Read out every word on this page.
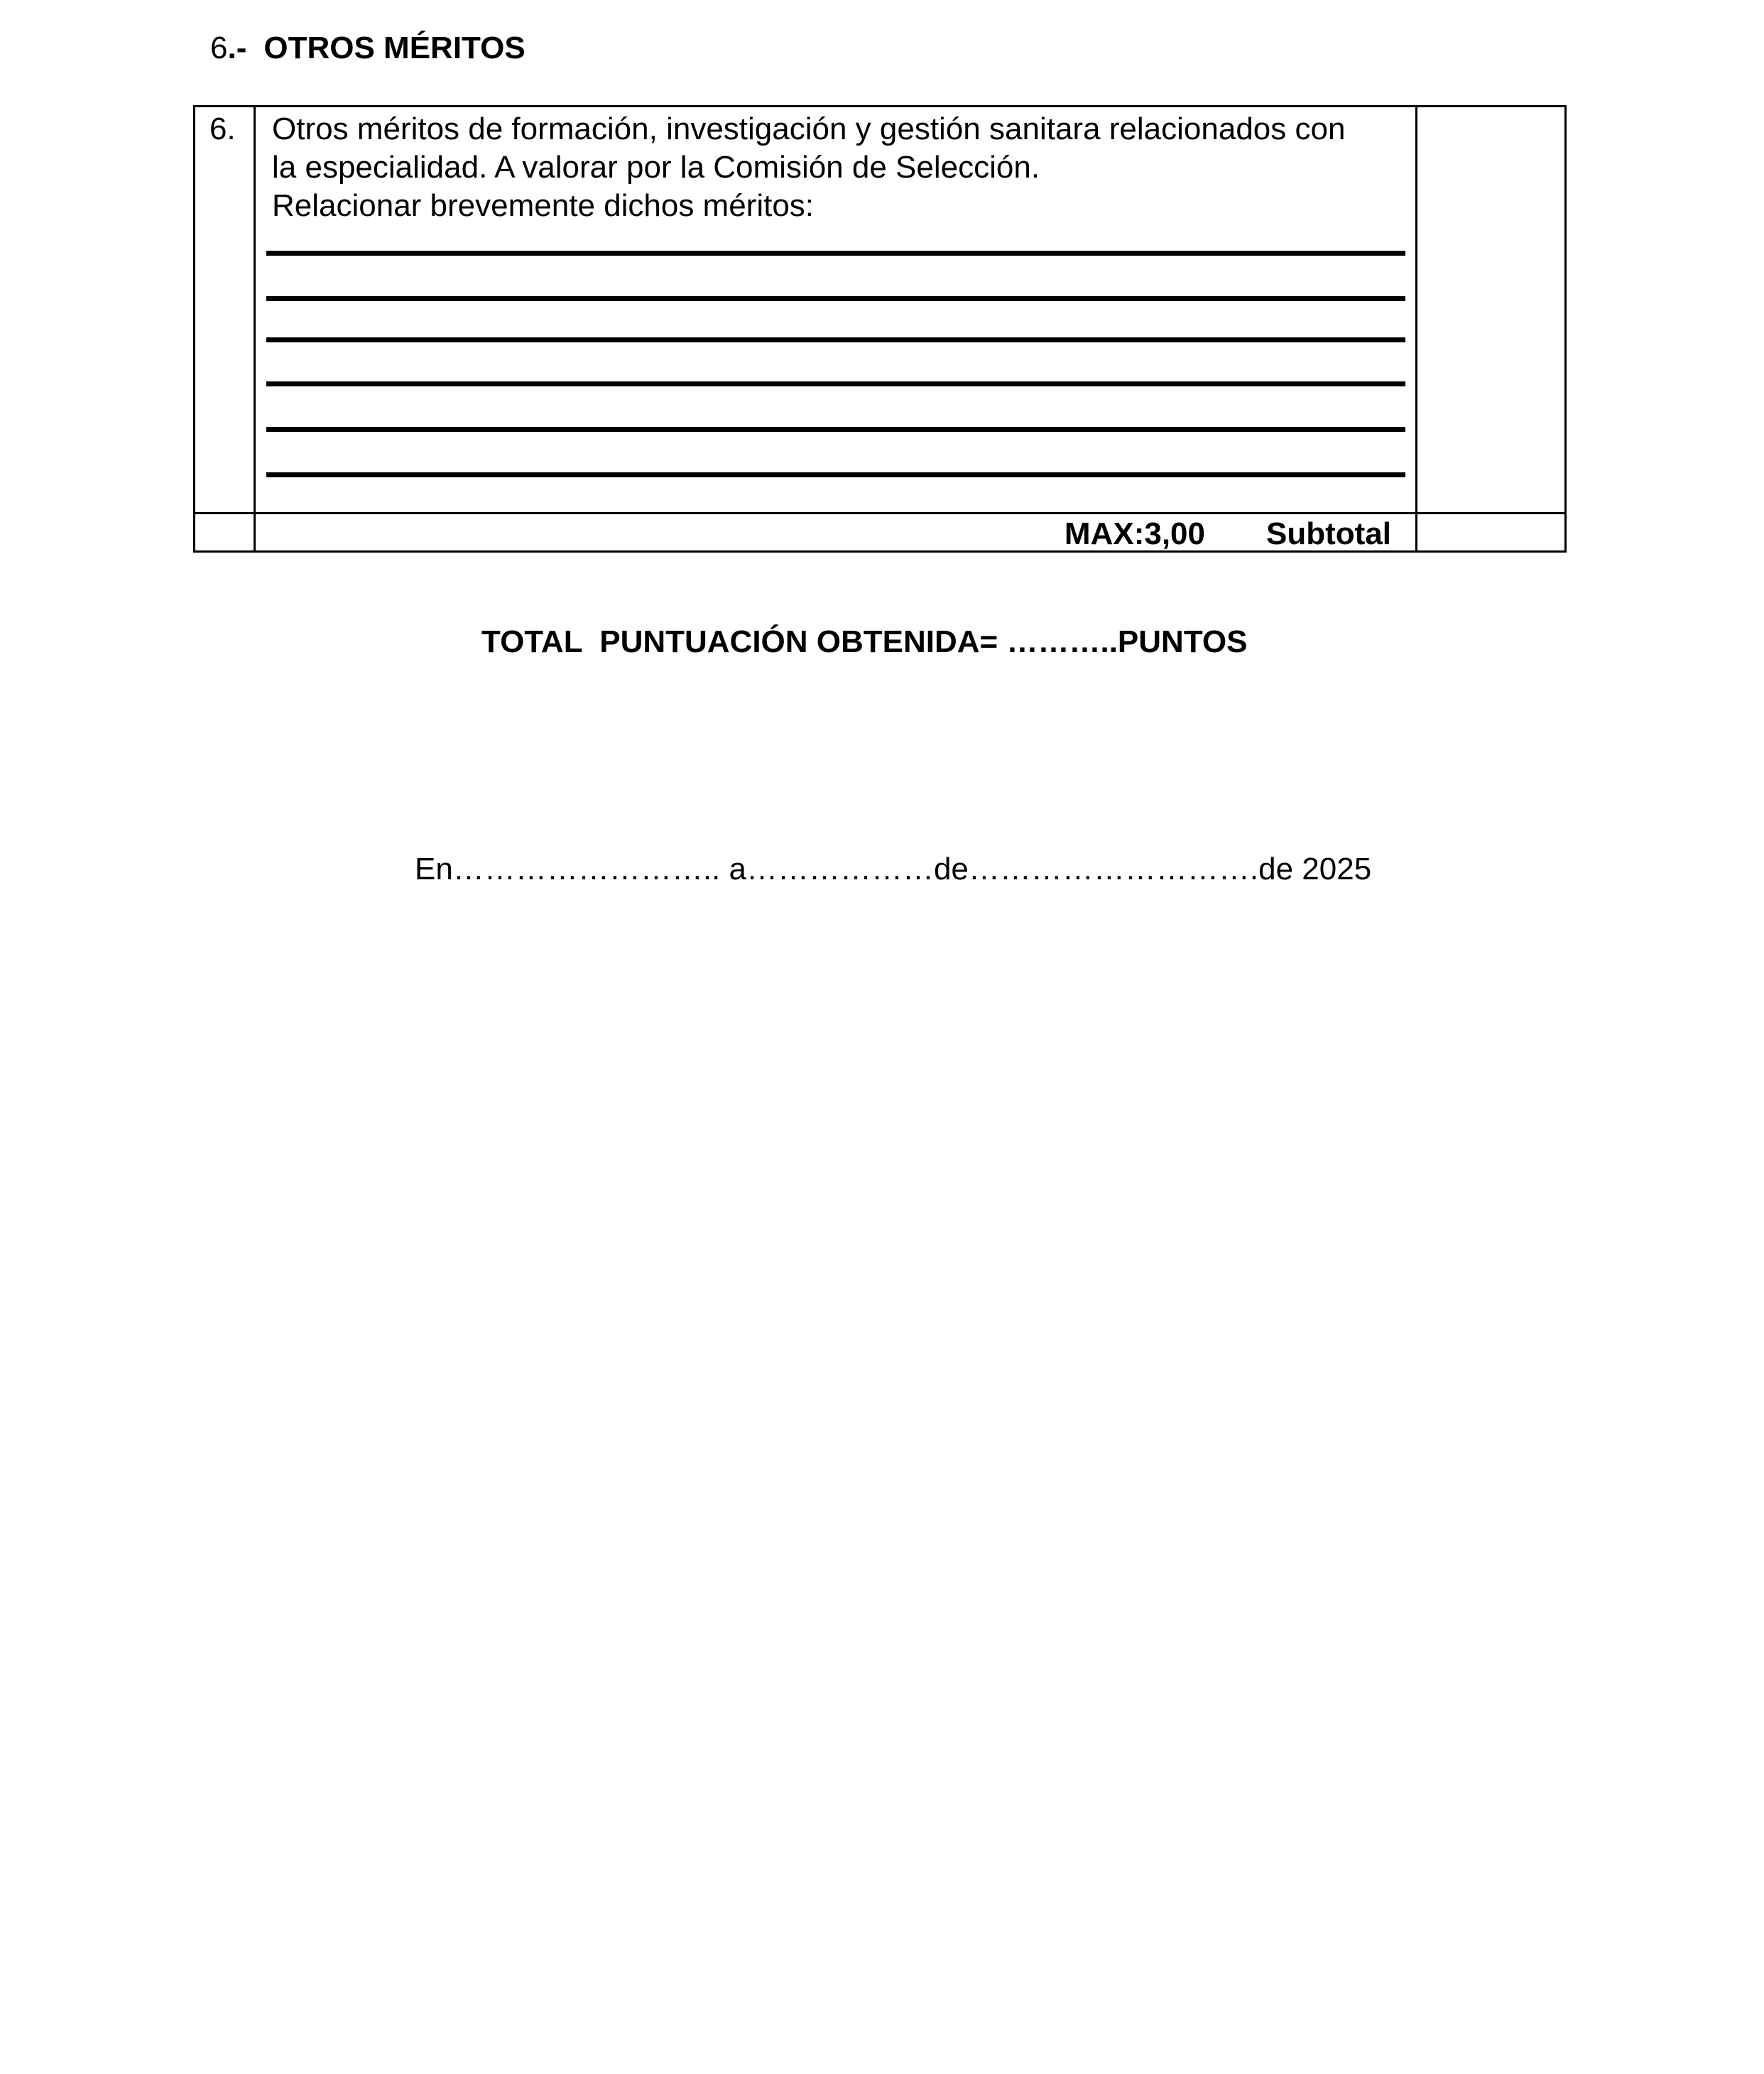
6.- OTROS MÉRITOS
6. Otros méritos de formación, investigación y gestión sanitara relacionados con
la especialidad. A valorar por la Comisión de Selección.
Relacionar brevemente dichos méritos:
MAX:3,00 Subtotal
TOTAL  PUNTUACIÓN OBTENIDA= ………..PUNTOS
En…………………….. a………………de……………………….de 2025
